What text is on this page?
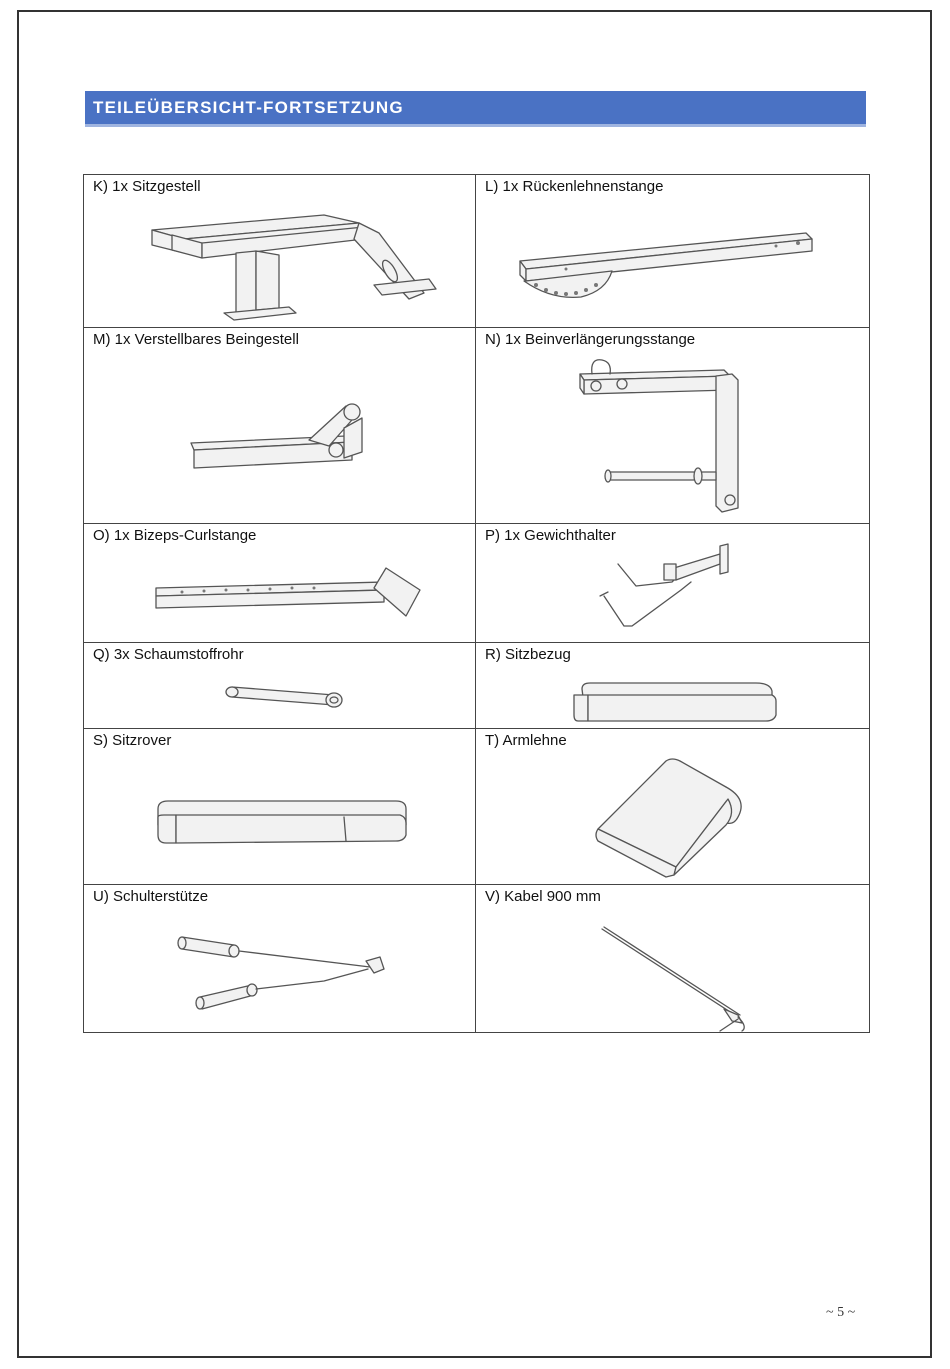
TEILEÜBERSICHT-FORTSETZUNG
K) 1x Sitzgestell	L) 1x Rückenlehnenstange
M) 1x Verstellbares Beingestell	N) 1x Beinverlängerungsstange
O) 1x Bizeps-Curlstange	P) 1x Gewichthalter
Q) 3x Schaumstoffrohr	R) Sitzbezug
S) Sitzrover	T) Armlehne
U) Schulterstütze	V) Kabel 900 mm
~ 5 ~
